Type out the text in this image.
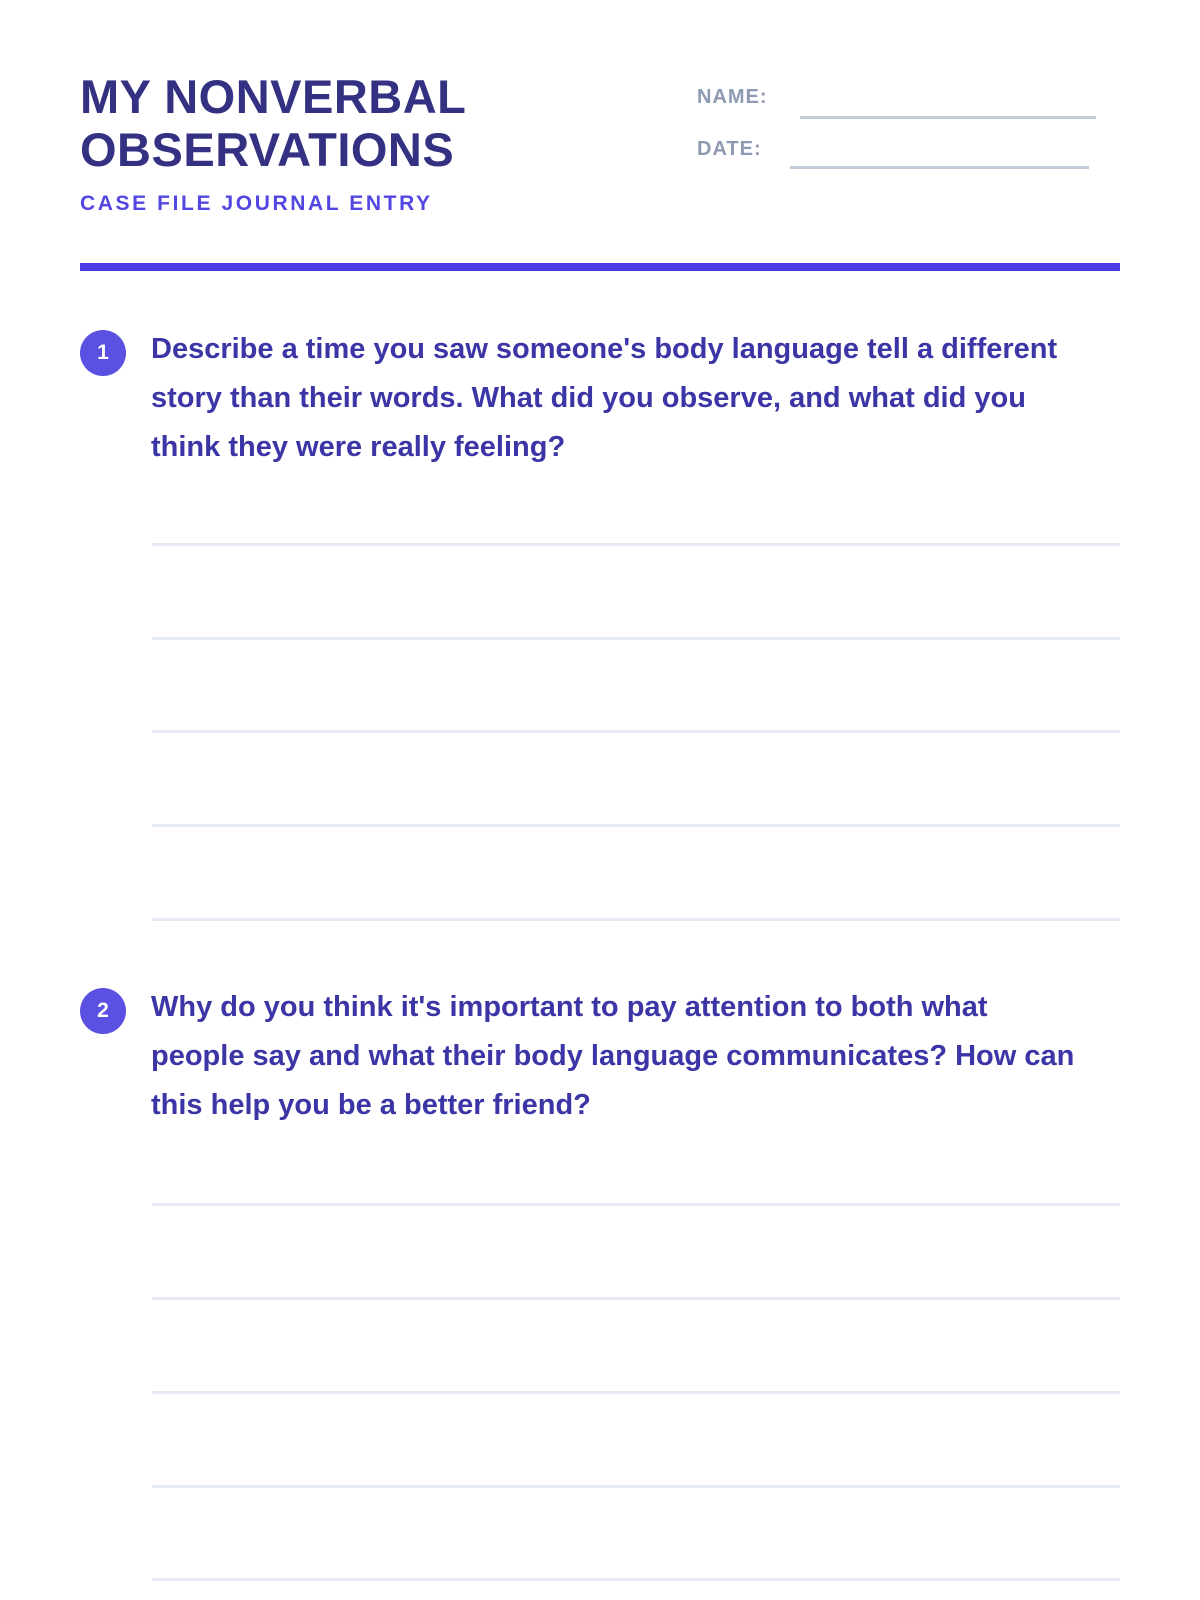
MY NONVERBAL
OBSERVATIONS
CASE FILE JOURNAL ENTRY
NAME:
DATE:
1 Describe a time you saw someone's body language tell a different story than their words. What did you observe, and what did you think they were really feeling?
2 Why do you think it's important to pay attention to both what people say and what their body language communicates? How can this help you be a better friend?
